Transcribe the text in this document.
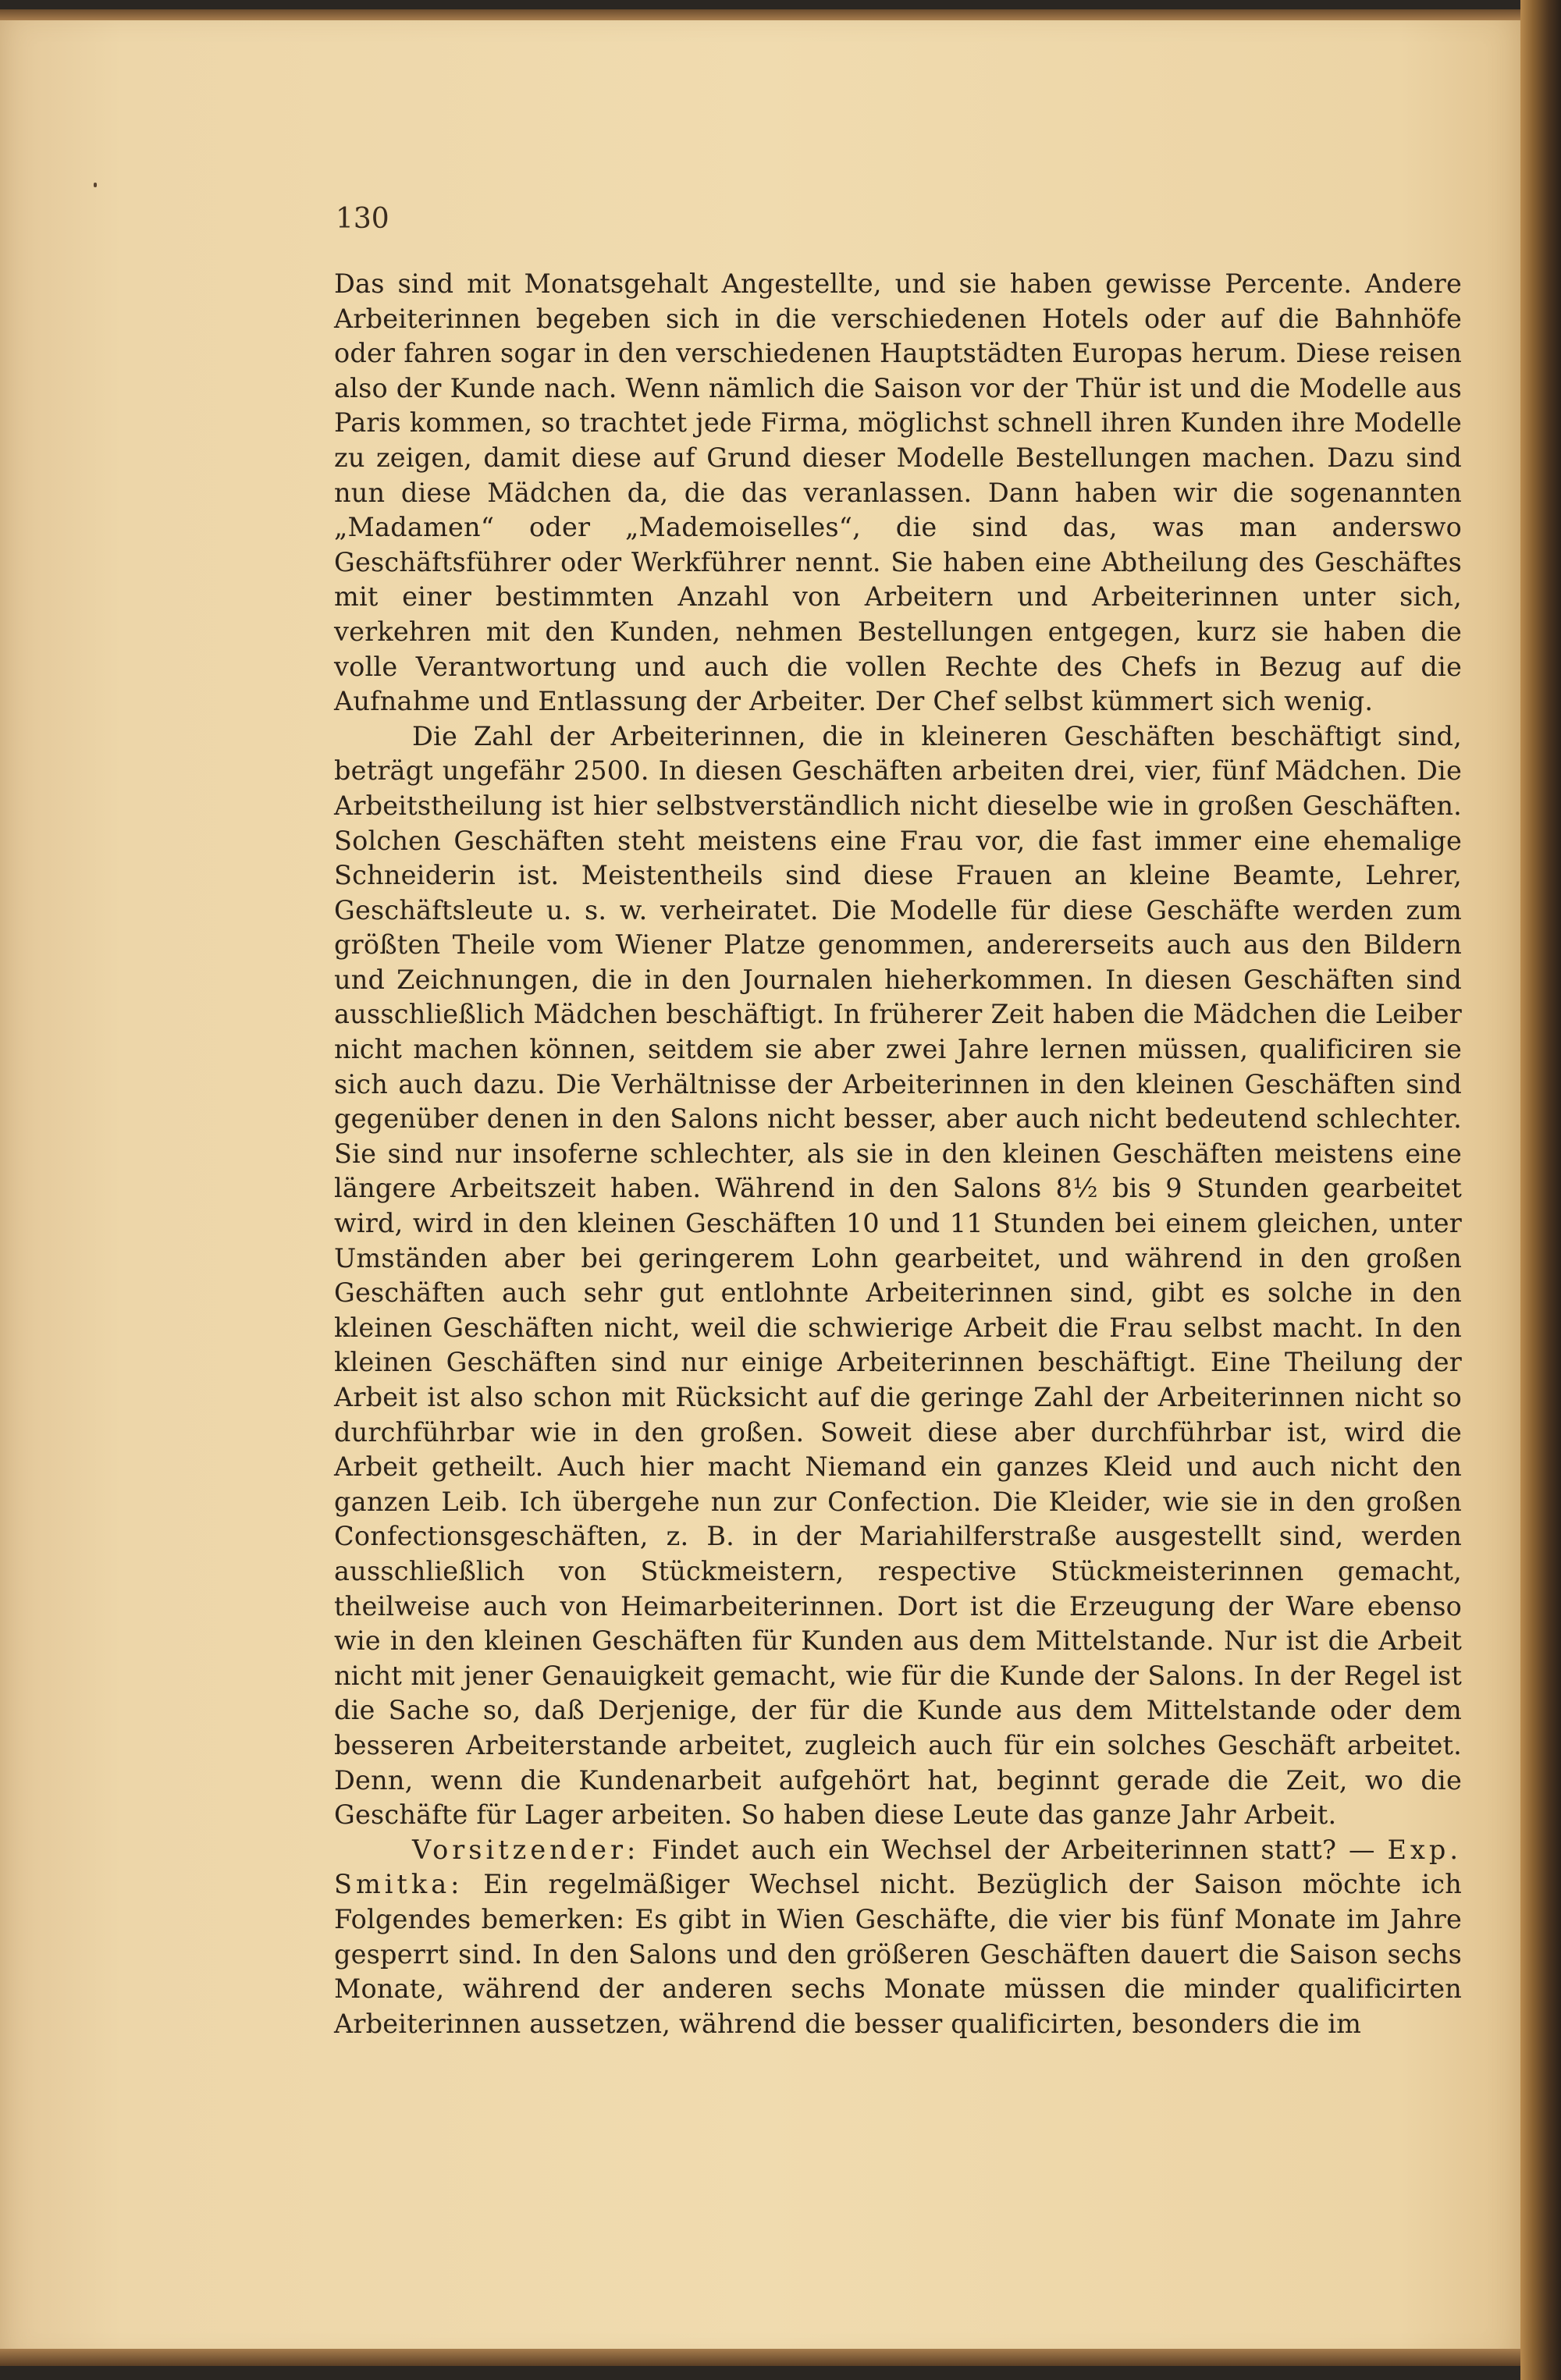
130

Das sind mit Monatsgehalt Angestellte, und sie haben gewisse Percente. Andere Arbeiterinnen begeben sich in die verschiedenen Hotels oder auf die Bahnhöfe oder fahren sogar in den verschiedenen Hauptstädten Europas herum. Diese reisen also der Kunde nach. Wenn nämlich die Saison vor der Thür ist und die Modelle aus Paris kommen, so trachtet jede Firma, möglichst schnell ihren Kunden ihre Modelle zu zeigen, damit diese auf Grund dieser Modelle Bestellungen machen. Dazu sind nun diese Mädchen da, die das veranlassen. Dann haben wir die sogenannten „Madamen“ oder „Mademoiselles“, die sind das, was man anderswo Geschäftsführer oder Werkführer nennt. Sie haben eine Abtheilung des Geschäftes mit einer bestimmten Anzahl von Arbeitern und Arbeiterinnen unter sich, verkehren mit den Kunden, nehmen Bestellungen entgegen, kurz sie haben die volle Verantwortung und auch die vollen Rechte des Chefs in Bezug auf die Aufnahme und Entlassung der Arbeiter. Der Chef selbst kümmert sich wenig.

Die Zahl der Arbeiterinnen, die in kleineren Geschäften beschäftigt sind, beträgt ungefähr 2500. In diesen Geschäften arbeiten drei, vier, fünf Mädchen. Die Arbeitstheilung ist hier selbstverständlich nicht dieselbe wie in großen Geschäften. Solchen Geschäften steht meistens eine Frau vor, die fast immer eine ehemalige Schneiderin ist. Meistentheils sind diese Frauen an kleine Beamte, Lehrer, Geschäftsleute u. s. w. verheiratet. Die Modelle für diese Geschäfte werden zum größten Theile vom Wiener Platze genommen, andererseits auch aus den Bildern und Zeichnungen, die in den Journalen hieherkommen. In diesen Geschäften sind ausschließlich Mädchen beschäftigt. In früherer Zeit haben die Mädchen die Leiber nicht machen können, seitdem sie aber zwei Jahre lernen müssen, qualificiren sie sich auch dazu. Die Verhältnisse der Arbeiterinnen in den kleinen Geschäften sind gegenüber denen in den Salons nicht besser, aber auch nicht bedeutend schlechter. Sie sind nur insoferne schlechter, als sie in den kleinen Geschäften meistens eine längere Arbeitszeit haben. Während in den Salons 8½ bis 9 Stunden gearbeitet wird, wird in den kleinen Geschäften 10 und 11 Stunden bei einem gleichen, unter Umständen aber bei geringerem Lohn gearbeitet, und während in den großen Geschäften auch sehr gut entlohnte Arbeiterinnen sind, gibt es solche in den kleinen Geschäften nicht, weil die schwierige Arbeit die Frau selbst macht. In den kleinen Geschäften sind nur einige Arbeiterinnen beschäftigt. Eine Theilung der Arbeit ist also schon mit Rücksicht auf die geringe Zahl der Arbeiterinnen nicht so durchführbar wie in den großen. Soweit diese aber durchführbar ist, wird die Arbeit getheilt. Auch hier macht Niemand ein ganzes Kleid und auch nicht den ganzen Leib. Ich übergehe nun zur Confection. Die Kleider, wie sie in den großen Confectionsgeschäften, z. B. in der Mariahilferstraße ausgestellt sind, werden ausschließlich von Stückmeistern, respective Stückmeisterinnen gemacht, theilweise auch von Heimarbeiterinnen. Dort ist die Erzeugung der Ware ebenso wie in den kleinen Geschäften für Kunden aus dem Mittelstande. Nur ist die Arbeit nicht mit jener Genauigkeit gemacht, wie für die Kunde der Salons. In der Regel ist die Sache so, daß Derjenige, der für die Kunde aus dem Mittelstande oder dem besseren Arbeiterstande arbeitet, zugleich auch für ein solches Geschäft arbeitet. Denn, wenn die Kundenarbeit aufgehört hat, beginnt gerade die Zeit, wo die Geschäfte für Lager arbeiten. So haben diese Leute das ganze Jahr Arbeit.

Vorsitzender: Findet auch ein Wechsel der Arbeiterinnen statt? — Exp. Smitka: Ein regelmäßiger Wechsel nicht. Bezüglich der Saison möchte ich Folgendes bemerken: Es gibt in Wien Geschäfte, die vier bis fünf Monate im Jahre gesperrt sind. In den Salons und den größeren Geschäften dauert die Saison sechs Monate, während der anderen sechs Monate müssen die minder qualificirten Arbeiterinnen aussetzen, während die besser qualificirten, besonders die im
